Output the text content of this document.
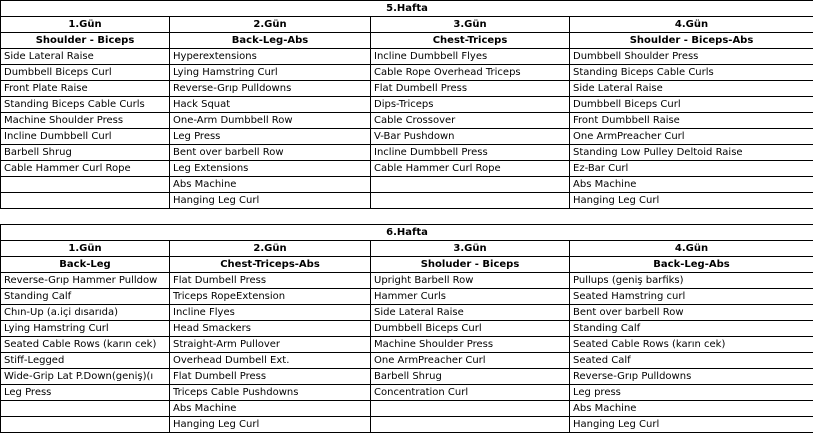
5.Hafta			
1.Gün	2.Gün	3.Gün	4.Gün
Shoulder - Biceps	Back-Leg-Abs	Chest-Triceps	Shoulder - Biceps-Abs
Side Lateral Raise	Hyperextensions	Incline Dumbbell Flyes	Dumbbell Shoulder Press
Dumbbell Biceps Curl	Lying Hamstring Curl	Cable Rope Overhead Triceps	Standing Biceps Cable Curls
Front Plate Raise	Reverse-Grıp Pulldowns	Flat Dumbell Press	Side Lateral Raise
Standing Biceps Cable Curls	Hack Squat	Dips-Triceps	Dumbbell Biceps Curl
Machine Shoulder Press	One-Arm Dumbbell Row	Cable Crossover	Front Dumbbell Raise
Incline Dumbbell Curl	Leg Press	V-Bar Pushdown	One ArmPreacher Curl
Barbell Shrug	Bent over barbell Row	Incline Dumbbell Press	Standing Low Pulley Deltoid Raise
Cable Hammer Curl Rope	Leg Extensions	Cable Hammer Curl Rope	Ez-Bar Curl
	Abs Machine		Abs Machine
	Hanging Leg Curl		Hanging Leg Curl

6.Hafta			
1.Gün	2.Gün	3.Gün	4.Gün
Back-Leg	Chest-Triceps-Abs	Sholuder - Biceps	Back-Leg-Abs
Reverse-Grıp Hammer Pulldow	Flat Dumbell Press	Upright Barbell Row	Pullups (geniş barfiks)
Standing Calf	Triceps RopeExtension	Hammer Curls	Seated Hamstring curl
Chın-Up (a.içi dısarıda)	Incline Flyes	Side Lateral Raise	Bent over barbell Row
Lying Hamstring Curl	Head Smackers	Dumbbell Biceps Curl	Standing Calf
Seated Cable Rows (karın cek)	Straight-Arm Pullover	Machine Shoulder Press	Seated Cable Rows (karın cek)
Stiff-Legged	Overhead Dumbell Ext.	One ArmPreacher Curl	Seated Calf
Wide-Grip Lat P.Down(geniş)(ı	Flat Dumbell Press	Barbell Shrug	Reverse-Grıp Pulldowns
Leg Press	Triceps Cable Pushdowns	Concentration Curl	Leg press
	Abs Machine		Abs Machine
	Hanging Leg Curl		Hanging Leg Curl
